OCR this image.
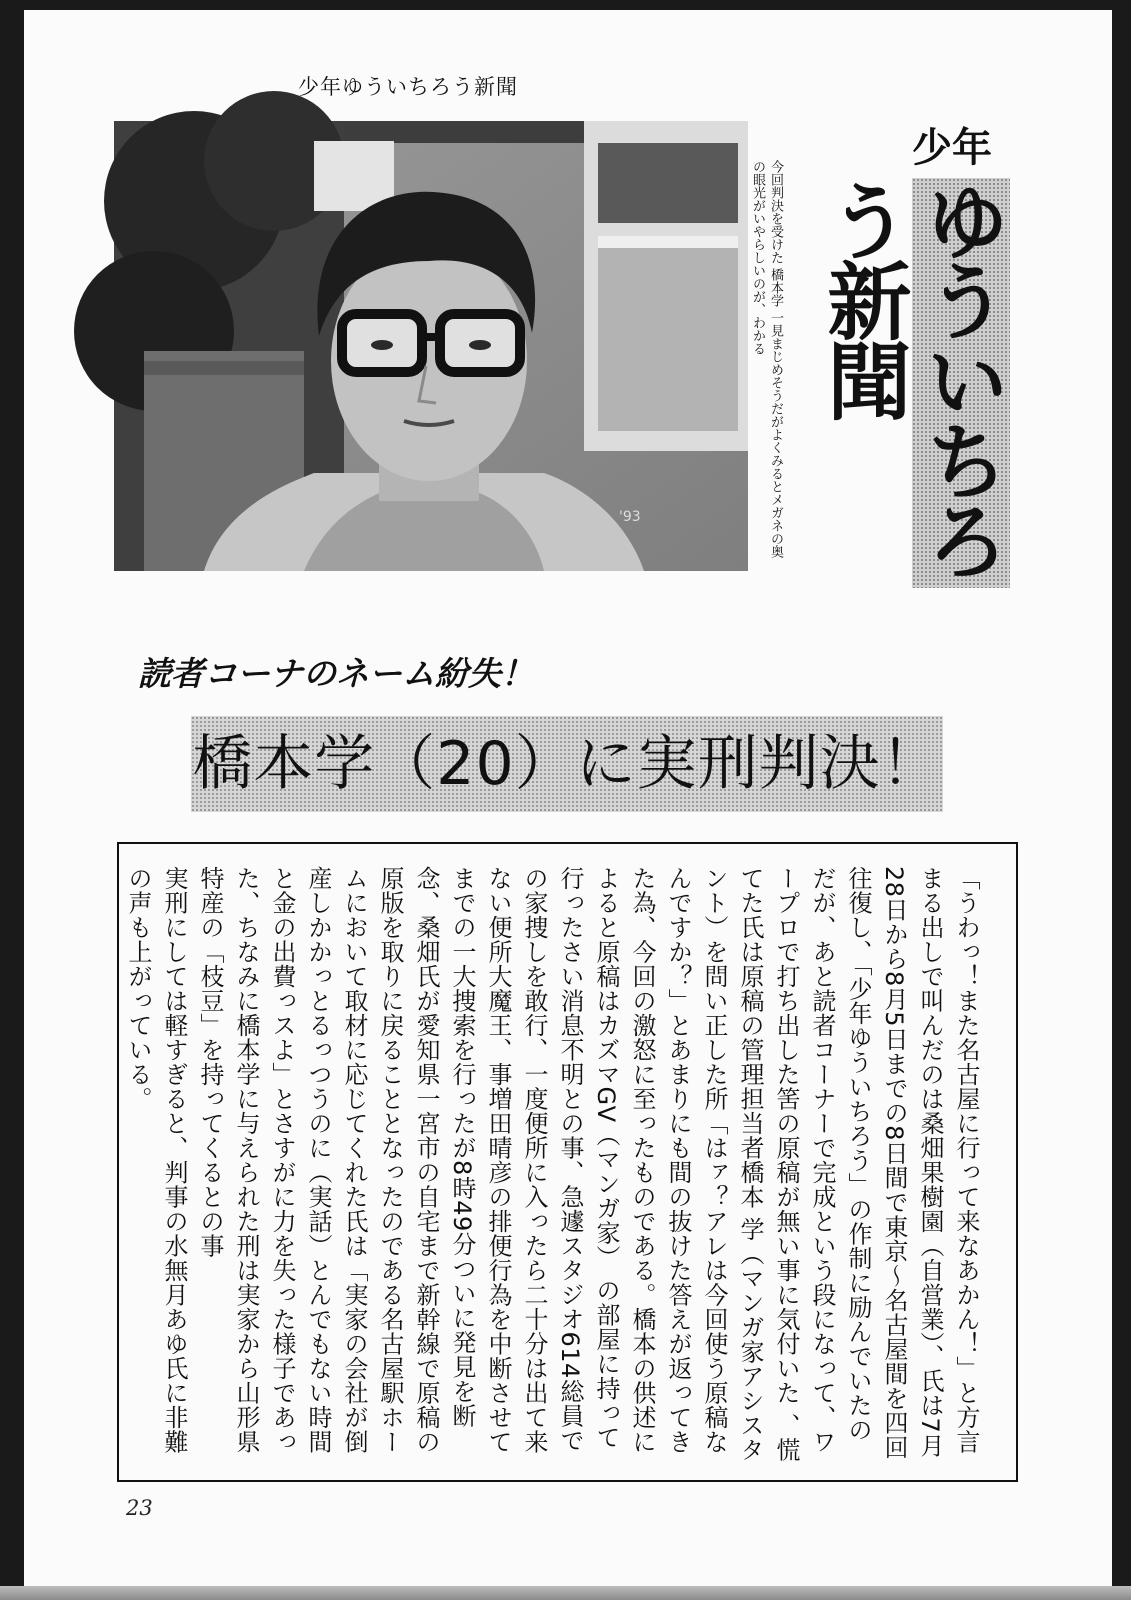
少年ゆういちろう新聞
'93	今回判決を受けた 橋本学 一見まじめそうだがよくみるとメガネの奥の眼光がいやらしいのが、わかる
少年
ゆういちろう新聞
読者コーナのネーム紛失！
橋本学（20）に実刑判決！

「うわっ！また名古屋に行って来なあかん！」と方言まる出しで叫んだのは桑畑果樹園（自営業）、氏は7月28日から8月5日までの8日間で東京〜名古屋間を四回往復し、「少年ゆういちろう」の作制に励んでいたのだが、あと読者コーナーで完成という段になって、ワープロで打ち出した筈の原稿が無い事に気付いた 、慌てた氏は原稿の管理担当者橋本 学（マンガ家アシスタント）を問い正した所「はァ？アレは今回使う原稿なんですか？」とあまりにも間の抜けた答えが返ってきた為、今回の激怒に至ったものである。橋本の供述によると原稿はカズマGV（マンガ家） の部屋に持って行ったさい消息不明との事、急遽スタジオ614総員での家捜しを敢行、一度便所に入ったら二十分は出て来ない便所大魔王、事増田晴彦の排便行為を中断させてまでの一大捜索を行ったが8時49分ついに発見を断念、桑畑氏が愛知県一宮市の自宅まで新幹線で原稿の原版を取りに戻ることとなったのである名古屋駅ホームにおいて取材に応じてくれた氏は「実家の会社が倒産しかかっとるっつうのに（実話）とんでもない時間と金の出費っスよ」とさすがに力を失った様子であった、ちなみに橋本学に与えられた刑は実家から山形県特産の「枝豆」を持ってくるとの事

実刑にしては軽すぎると、判事の水無月あゆ氏に非難の声も上がっている。

23
